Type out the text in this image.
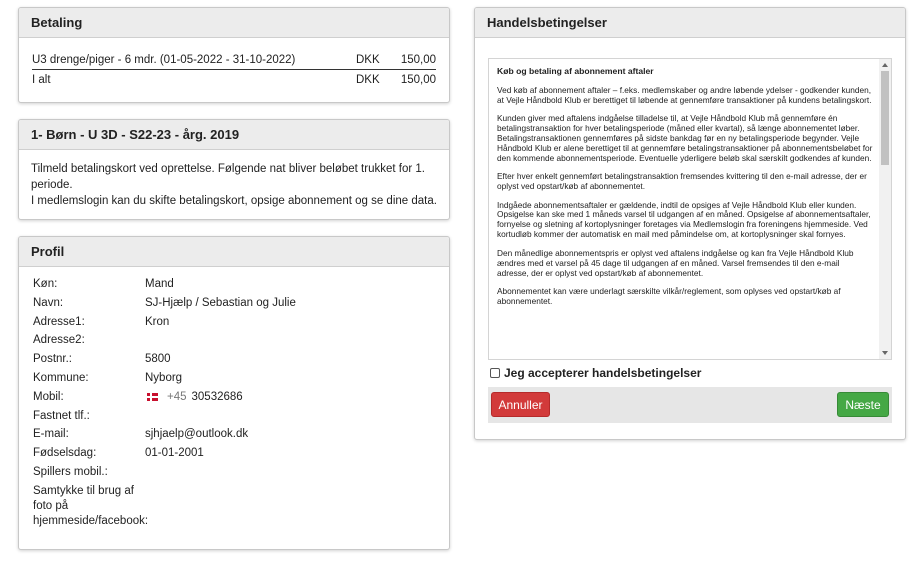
Betaling
U3 drenge/piger - 6 mdr. (01-05-2022 - 31-10-2022)	DKK	150,00
I alt	DKK	150,00
1- Børn - U 3D - S22-23 - årg. 2019
Tilmeld betalingskort ved oprettelse. Følgende nat bliver beløbet trukket for 1. periode.
I medlemslogin kan du skifte betalingskort, opsige abonnement og se dine data.
Profil
Køn:	Mand
Navn:	SJ-Hjælp / Sebastian og Julie
Adresse1:	Kron
Adresse2:
Postnr.:	5800
Kommune:	Nyborg
Mobil:	+45 30532686
Fastnet tlf.:
E-mail:	sjhjaelp@outlook.dk
Fødselsdag:	01-01-2001
Spillers mobil.:
Samtykke til brug af foto på hjemmeside/facebook:
Handelsbetingelser
Køb og betaling af abonnement aftaler

Ved køb af abonnement aftaler – f.eks. medlemskaber og andre løbende ydelser - godkender kunden, at Vejle Håndbold Klub er berettiget til løbende at gennemføre transaktioner på kundens betalingskort.

Kunden giver med aftalens indgåelse tilladelse til, at Vejle Håndbold Klub må gennemføre én betalingstransaktion for hver betalingsperiode (måned eller kvartal), så længe abonnementet løber. Betalingstransaktionen gennemføres på sidste bankdag før en ny betalingsperiode begynder. Vejle Håndbold Klub er alene berettiget til at gennemføre betalingstransaktioner på abonnementsbeløbet for den kommende abonnementsperiode. Eventuelle yderligere beløb skal særskilt godkendes af kunden.

Efter hver enkelt gennemført betalingstransaktion fremsendes kvittering til den e-mail adresse, der er oplyst ved opstart/køb af abonnementet.

Indgåede abonnementsaftaler er gældende, indtil de opsiges af Vejle Håndbold Klub eller kunden. Opsigelse kan ske med 1 måneds varsel til udgangen af en måned. Opsigelse af abonnementsaftaler, fornyelse og sletning af kortoplysninger foretages via Medlemslogin fra foreningens hjemmeside. Ved kortudløb kommer der automatisk en mail med påmindelse om, at kortoplysninger skal fornyes.

Den månedlige abonnementspris er oplyst ved aftalens indgåelse og kan fra Vejle Håndbold Klub ændres med et varsel på 45 dage til udgangen af en måned. Varsel fremsendes til den e-mail adresse, der er oplyst ved opstart/køb af abonnementet.

Abonnementet kan være underlagt særskilte vilkår/reglement, som oplyses ved opstart/køb af abonnementet.

Jeg accepterer handelsbetingelser
Annuller	Næste
